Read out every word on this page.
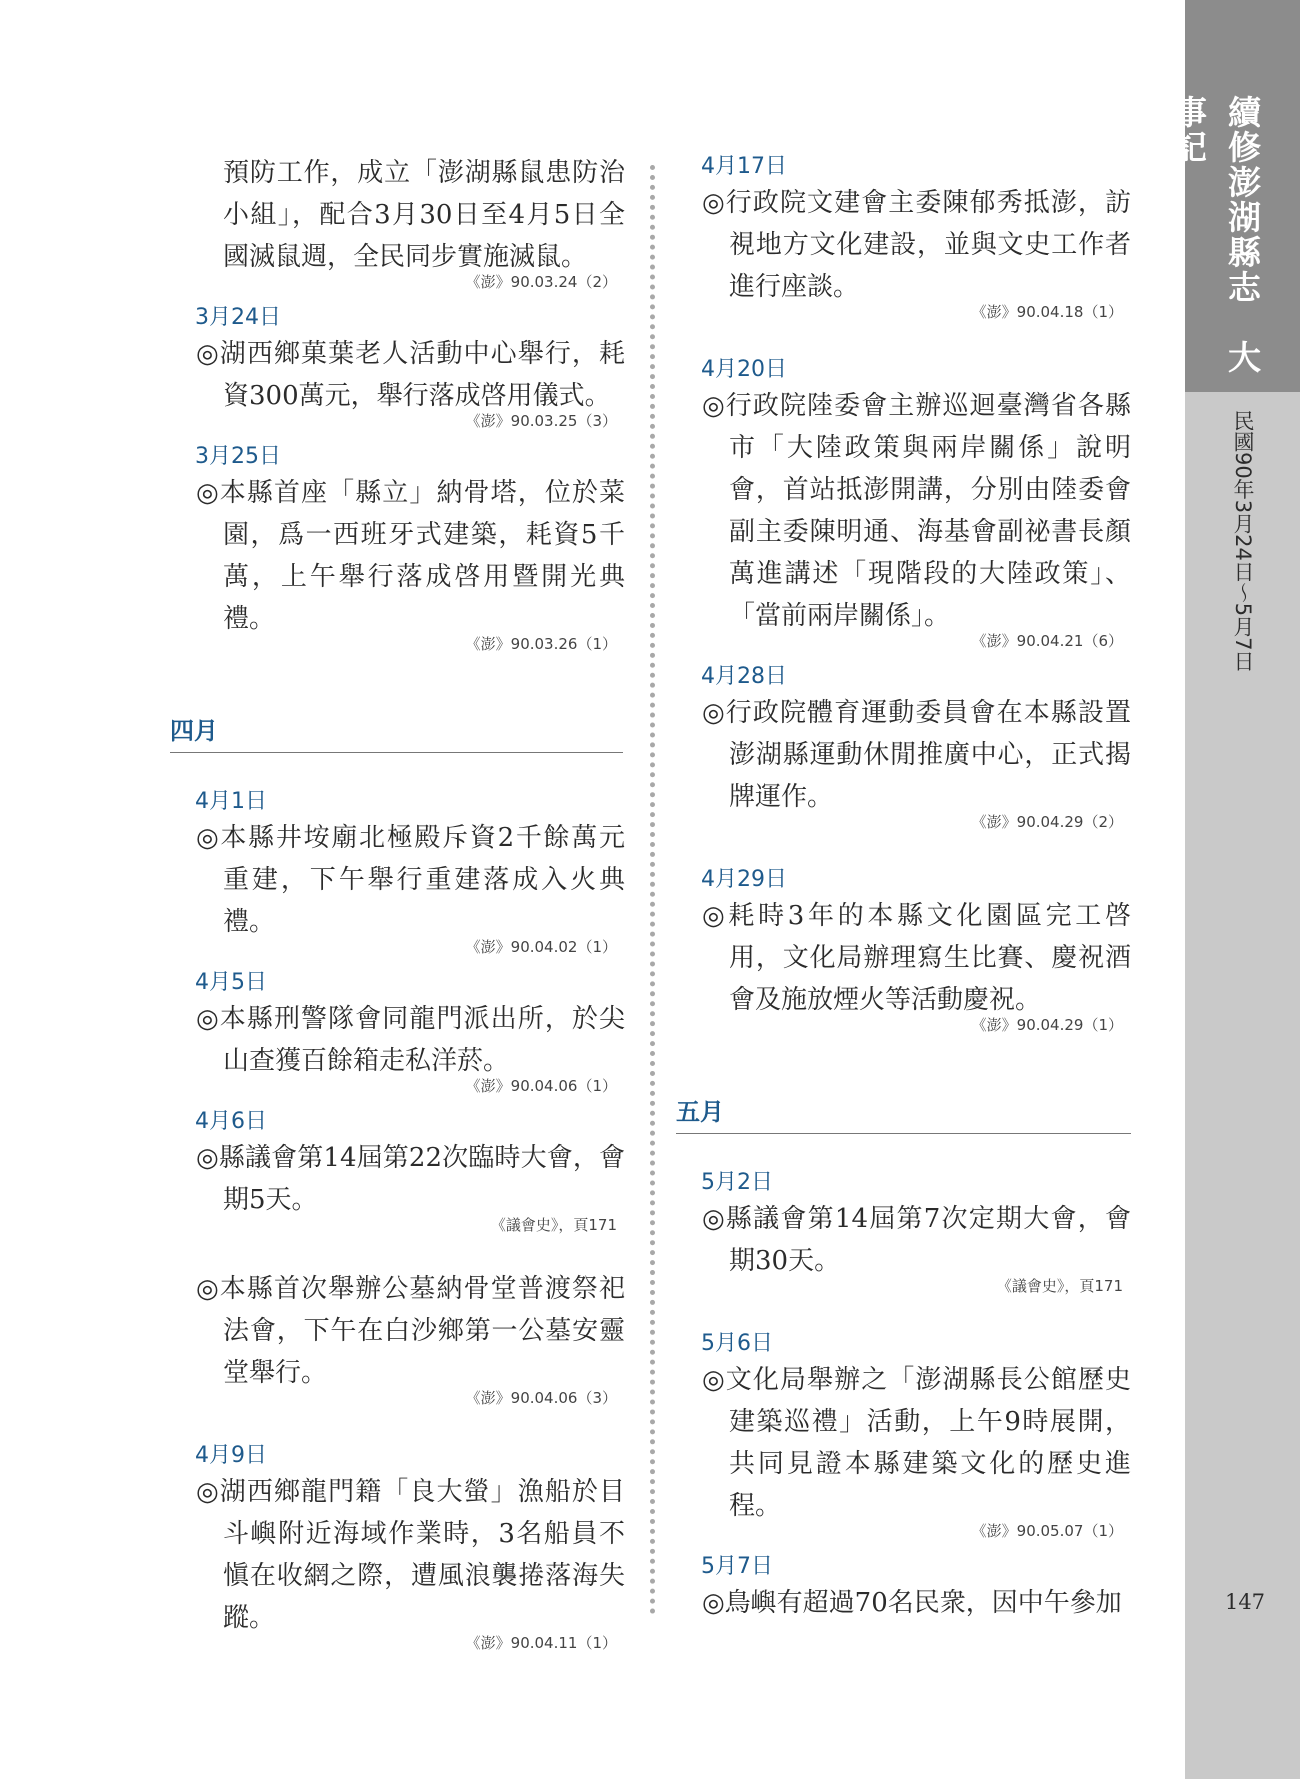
預防工作，成立「澎湖縣鼠患防治小組」，配合3月30日至4月5日全國滅鼠週，全民同步實施滅鼠。
《澎》90.03.24（2）
3月24日
◎湖西鄉菓葉老人活動中心舉行，耗資300萬元，舉行落成啓用儀式。
《澎》90.03.25（3）
3月25日
◎本縣首座「縣立」納骨塔，位於菜園，爲一西班牙式建築，耗資5千萬，上午舉行落成啓用暨開光典禮。
《澎》90.03.26（1）
四月
4月1日
◎本縣井垵廟北極殿斥資2千餘萬元重建，下午舉行重建落成入火典禮。
《澎》90.04.02（1）
4月5日
◎本縣刑警隊會同龍門派出所，於尖山查獲百餘箱走私洋菸。
《澎》90.04.06（1）
4月6日
◎縣議會第14屆第22次臨時大會，會期5天。
《議會史》，頁171
◎本縣首次舉辦公墓納骨堂普渡祭祀法會，下午在白沙鄉第一公墓安靈堂舉行。
《澎》90.04.06（3）
4月9日
◎湖西鄉龍門籍「良大螢」漁船於目斗嶼附近海域作業時，3名船員不愼在收網之際，遭風浪襲捲落海失蹤。
《澎》90.04.11（1）
4月17日
◎行政院文建會主委陳郁秀抵澎，訪視地方文化建設，並與文史工作者進行座談。
《澎》90.04.18（1）
4月20日
◎行政院陸委會主辦巡迴臺灣省各縣市「大陸政策與兩岸關係」說明會，首站抵澎開講，分別由陸委會副主委陳明通、海基會副祕書長顏萬進講述「現階段的大陸政策」、「當前兩岸關係」。
《澎》90.04.21（6）
4月28日
◎行政院體育運動委員會在本縣設置澎湖縣運動休閒推廣中心，正式揭牌運作。
《澎》90.04.29（2）
4月29日
◎耗時3年的本縣文化園區完工啓用，文化局辦理寫生比賽、慶祝酒會及施放煙火等活動慶祝。
《澎》90.04.29（1）
五月
5月2日
◎縣議會第14屆第7次定期大會，會期30天。
《議會史》，頁171
5月6日
◎文化局舉辦之「澎湖縣長公館歷史建築巡禮」活動，上午9時展開，共同見證本縣建築文化的歷史進程。
《澎》90.05.07（1）
5月7日
◎鳥嶼有超過70名民衆，因中午參加
續修澎湖縣志　大事記
民國90年3月24日～5月7日
147
